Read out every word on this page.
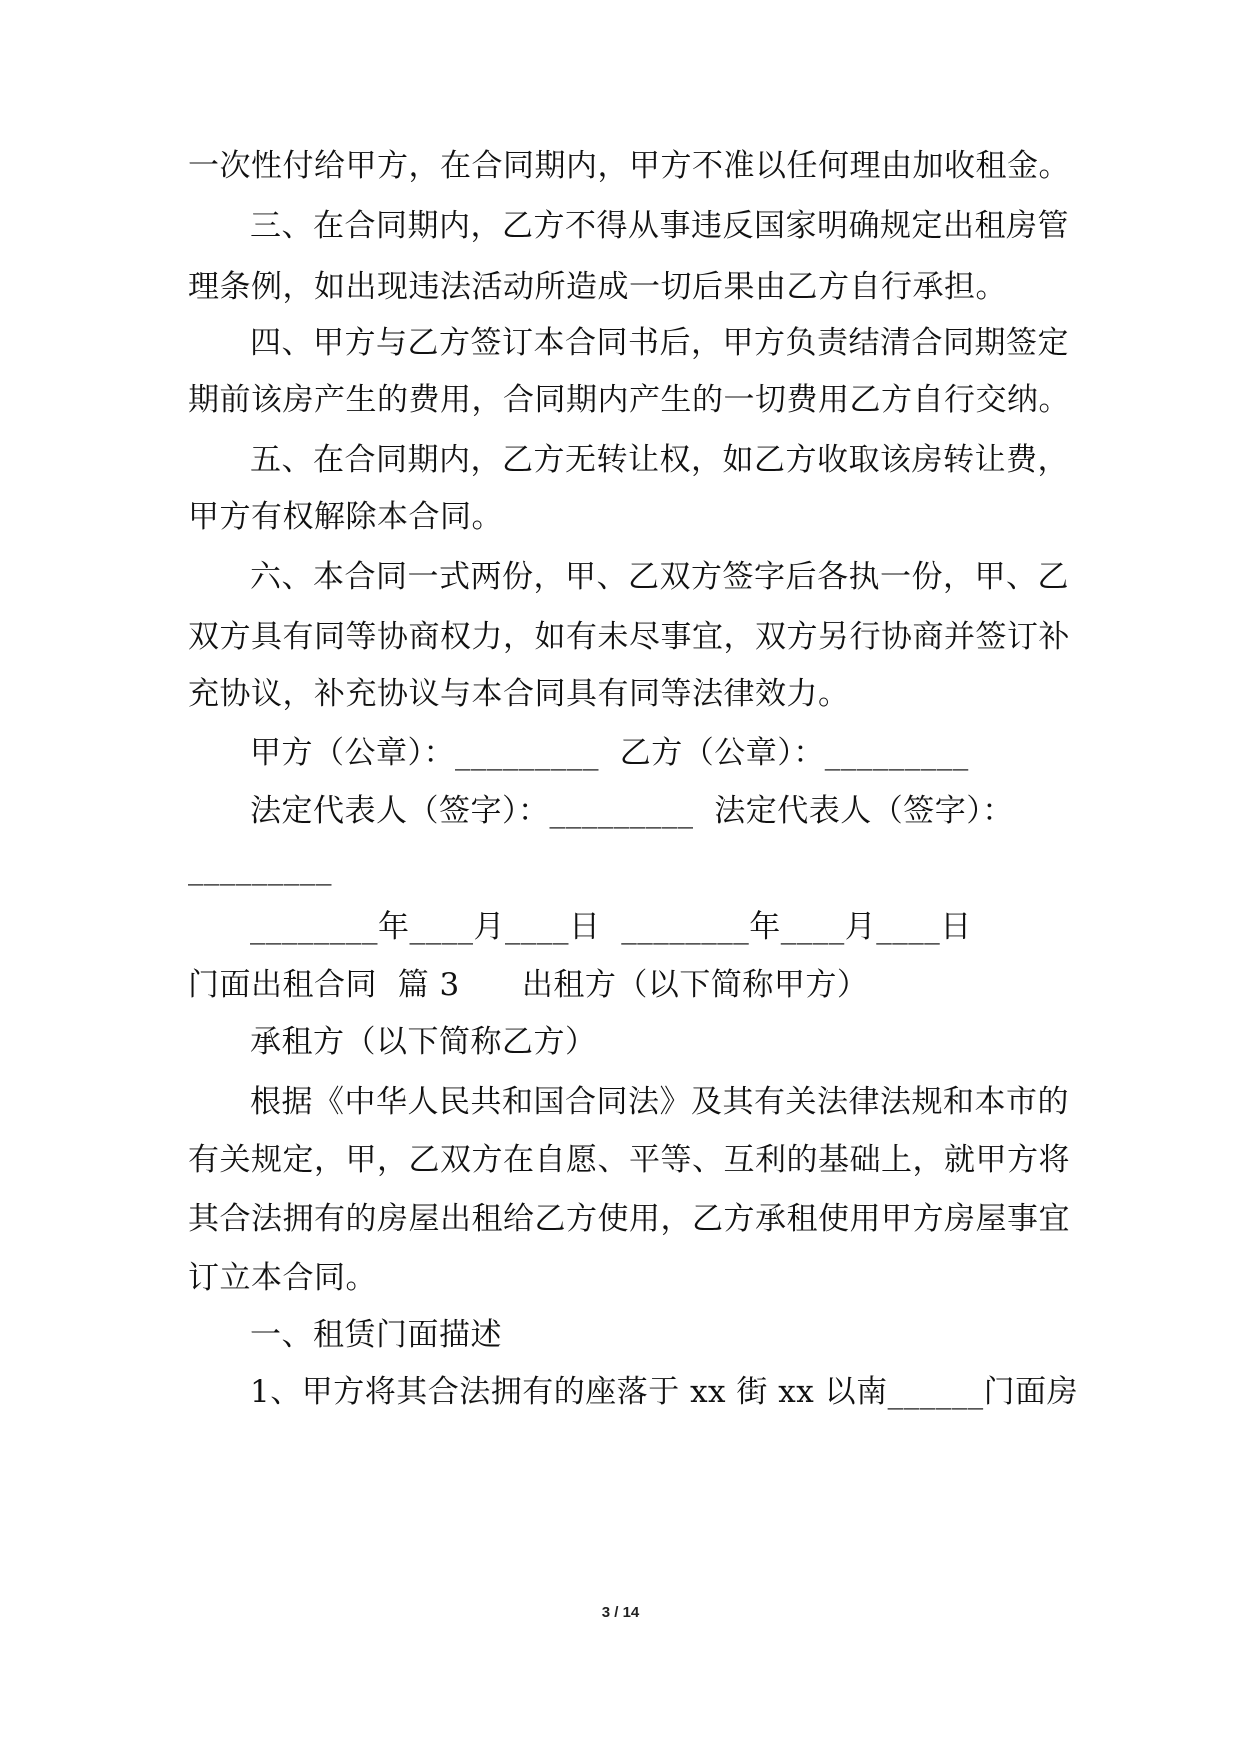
一次性付给甲方，在合同期内，甲方不准以任何理由加收租金。
三、在合同期内，乙方不得从事违反国家明确规定出租房管
理条例，如出现违法活动所造成一切后果由乙方自行承担。
四、甲方与乙方签订本合同书后，甲方负责结清合同期签定
期前该房产生的费用，合同期内产生的一切费用乙方自行交纳。
五、在合同期内，乙方无转让权，如乙方收取该房转让费，
甲方有权解除本合同。
六、本合同一式两份，甲、乙双方签字后各执一份，甲、乙
双方具有同等协商权力，如有未尽事宜，双方另行协商并签订补
充协议，补充协议与本合同具有同等法律效力。
甲方（公章）：_________  乙方（公章）：_________
法定代表人（签字）：_________  法定代表人（签字）：
_________
________年____月____日  ________年____月____日
门面出租合同  篇 3      出租方（以下简称甲方）
承租方（以下简称乙方）
根据《中华人民共和国合同法》及其有关法律法规和本市的
有关规定，甲，乙双方在自愿、平等、互利的基础上，就甲方将
其合法拥有的房屋出租给乙方使用，乙方承租使用甲方房屋事宜
订立本合同。
一、租赁门面描述
1、甲方将其合法拥有的座落于 xx 街 xx 以南______门面房
3 / 14
